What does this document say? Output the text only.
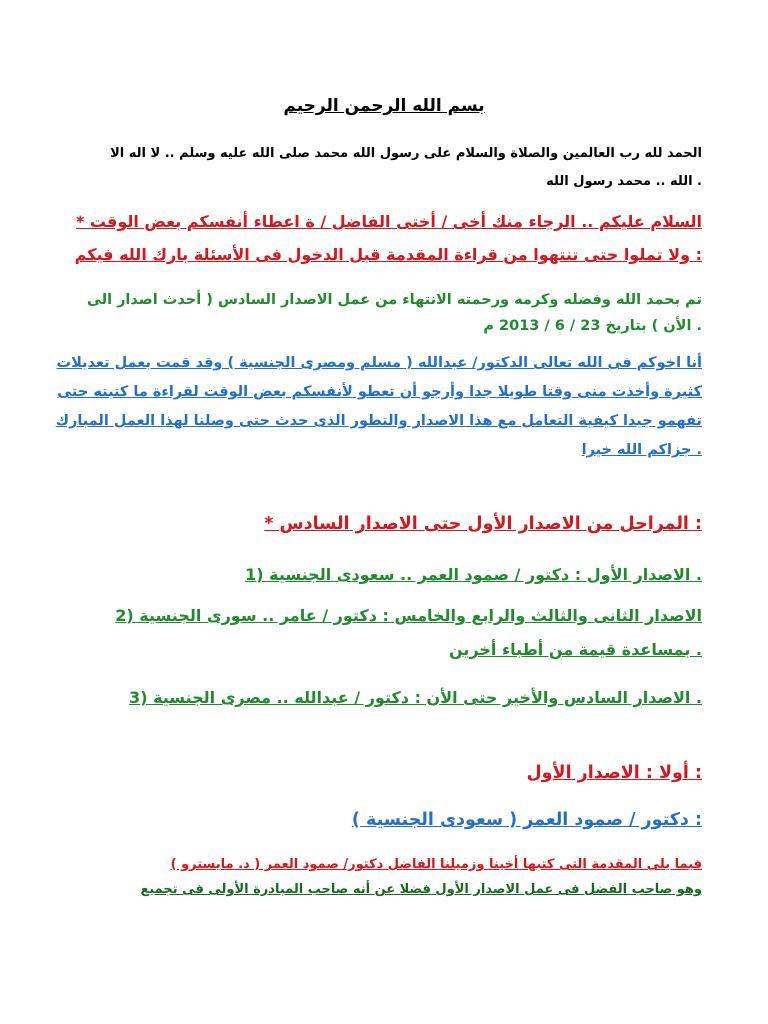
بسم الله الرحمن الرحيم

الحمد لله رب العالمين والصلاة والسلام على رسول الله محمد صلى الله عليه وسلم .. لا اله الا

. الله .. محمد رسول الله

السلام عليكم .. الرجاء منك أخى / أختى الفاضل / ة اعطاء أنفسكم بعض الوقت *

: ولا تملوا حتى تنتهوا من قراءة المقدمة قبل الدخول فى الأسئلة بارك الله فيكم

تم بحمد الله وفضله وكرمه ورحمته الانتهاء من عمل الاصدار السادس ( أحدث اصدار الى

. الأن ) بتاريخ 23 / 6 / 2013 م

أنا اخوكم فى الله تعالى الدكتور/ عبدالله ( مسلم ومصرى الجنسية ) وقد قمت بعمل تعديلات

كثيرة وأخذت منى وقتا طويلا جدا وأرجو أن تعطو لأنفسكم بعض الوقت لقراءة ما كتبته حتى

تفهمو جيدا كيفية التعامل مع هذا الاصدار والتطور الذى حدث حتى وصلنا لهذا العمل المبارك

. جزاكم الله خيرا

: المراحل من الاصدار الأول حتى الاصدار السادس *

. الاصدار الأول : دكتور / صمود العمر .. سعودى الجنسية (1

الاصدار الثانى والثالث والرابع والخامس : دكتور / عامر .. سورى الجنسية (2

. بمساعدة قيمة من أطباء أخرين

. الاصدار السادس والأخير حتى الأن : دكتور / عبدالله .. مصرى الجنسية (3

: أولا : الاصدار الأول

: دكتور / صمود العمر ( سعودى الجنسية )

فيما يلى المقدمة التى كتبها أخينا وزميلنا الفاضل دكتور/ صمود العمر ( د. مايسترو )

وهو صاحب الفضل فى عمل الاصدار الأول فضلا عن أنه صاحب المبادرة الأولى فى تجميع
